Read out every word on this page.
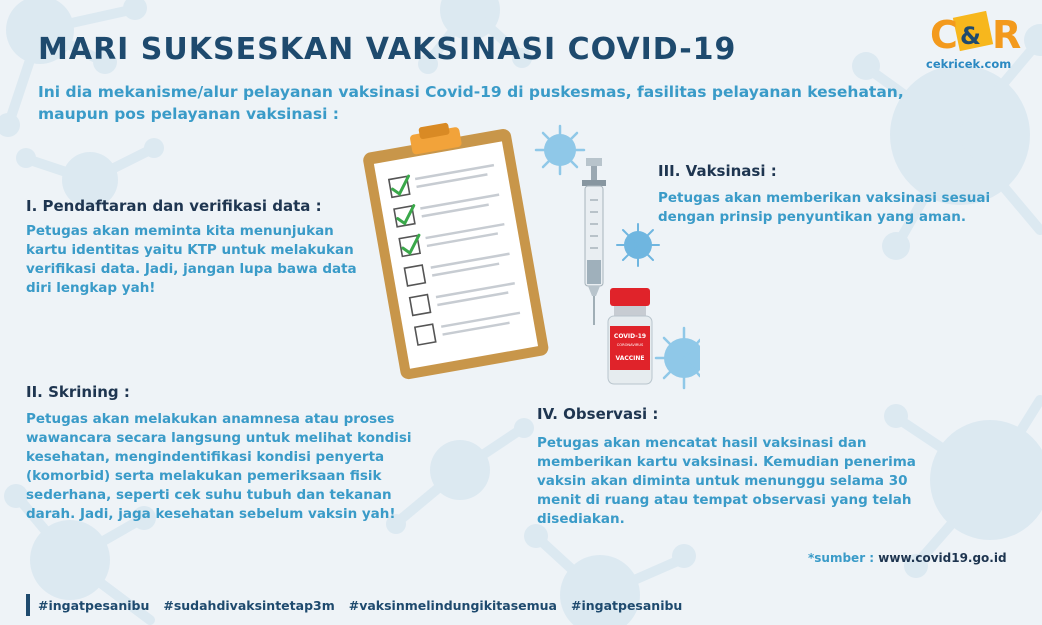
MARI SUKSESKAN VAKSINASI COVID-19
Ini dia mekanisme/alur pelayanan vaksinasi Covid-19 di puskesmas, fasilitas pelayanan kesehatan, maupun pos pelayanan vaksinasi :
C & R
cekricek.com
I. Pendaftaran dan verifikasi data :
Petugas akan meminta kita menunjukan kartu identitas yaitu KTP untuk melakukan verifikasi data. Jadi, jangan lupa bawa data diri lengkap yah!
II. Skrining :
Petugas akan melakukan anamnesa atau proses wawancara secara langsung untuk melihat kondisi kesehatan, mengindentifikasi kondisi penyerta (komorbid) serta melakukan pemeriksaan fisik sederhana, seperti cek suhu tubuh dan tekanan darah. Jadi, jaga kesehatan sebelum vaksin yah!
III. Vaksinasi :
Petugas akan memberikan vaksinasi sesuai dengan prinsip penyuntikan yang aman.
IV. Observasi :
Petugas akan mencatat hasil vaksinasi dan memberikan kartu vaksinasi. Kemudian penerima vaksin akan diminta untuk menunggu selama 30 menit di ruang atau tempat observasi yang telah disediakan.
COVID-19
CORONAVIRUS
VACCINE
*sumber : www.covid19.go.id
#ingatpesanibu #sudahdivaksintetap3m #vaksinmelindungikitasemua #ingatpesanibu
